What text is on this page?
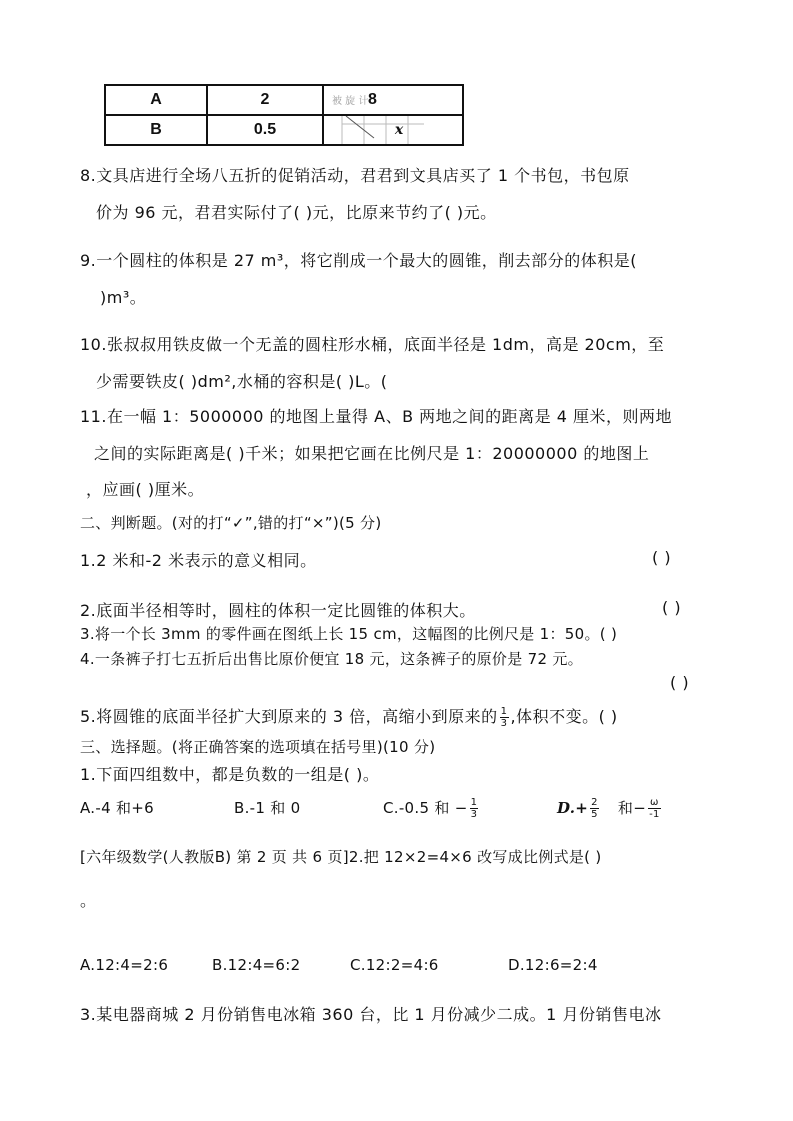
A	2	被 旋 计 8
B	0.5	x
8.文具店进行全场八五折的促销活动，君君到文具店买了 1 个书包，书包原
价为 96 元，君君实际付了( )元，比原来节约了( )元。
9.一个圆柱的体积是 27 m³，将它削成一个最大的圆锥，削去部分的体积是(
)m³。
10.张叔叔用铁皮做一个无盖的圆柱形水桶，底面半径是 1dm，高是 20cm，至
少需要铁皮( )dm²,水桶的容积是( )L。(
11.在一幅 1：5000000 的地图上量得 A、B 两地之间的距离是 4 厘米，则两地
之间的实际距离是( )千米；如果把它画在比例尺是 1：20000000 的地图上
，应画( )厘米。
二、判断题。(对的打“✓”,错的打“×”)(5 分)
1.2 米和-2 米表示的意义相同。	( )
2.底面半径相等时，圆柱的体积一定比圆锥的体积大。	( )
3.将一个长 3mm 的零件画在图纸上长 15 cm，这幅图的比例尺是 1：50。( )
4.一条裤子打七五折后出售比原价便宜 18 元，这条裤子的原价是 72 元。
( )
5.将圆锥的底面半径扩大到原来的 3 倍，高缩小到原来的 $\frac{1}{3}$ ,体积不变。( )
三、选择题。(将正确答案的选项填在括号里)(10 分)
1.下面四组数中，都是负数的一组是( )。
A.-4 和+6	B.-1 和 0	C.-0.5 和 − $\frac{1}{3}$	$D.+ \frac{2}{5}$ 和− $\frac{\omega}{-1}$
[六年级数学(人教版B) 第 2 页 共 6 页]2.把 12×2=4×6 改写成比例式是( )
。
A.12:4=2:6	B.12:4=6:2	C.12:2=4:6	D.12:6=2:4
3.某电器商城 2 月份销售电冰箱 360 台，比 1 月份减少二成。1 月份销售电冰
